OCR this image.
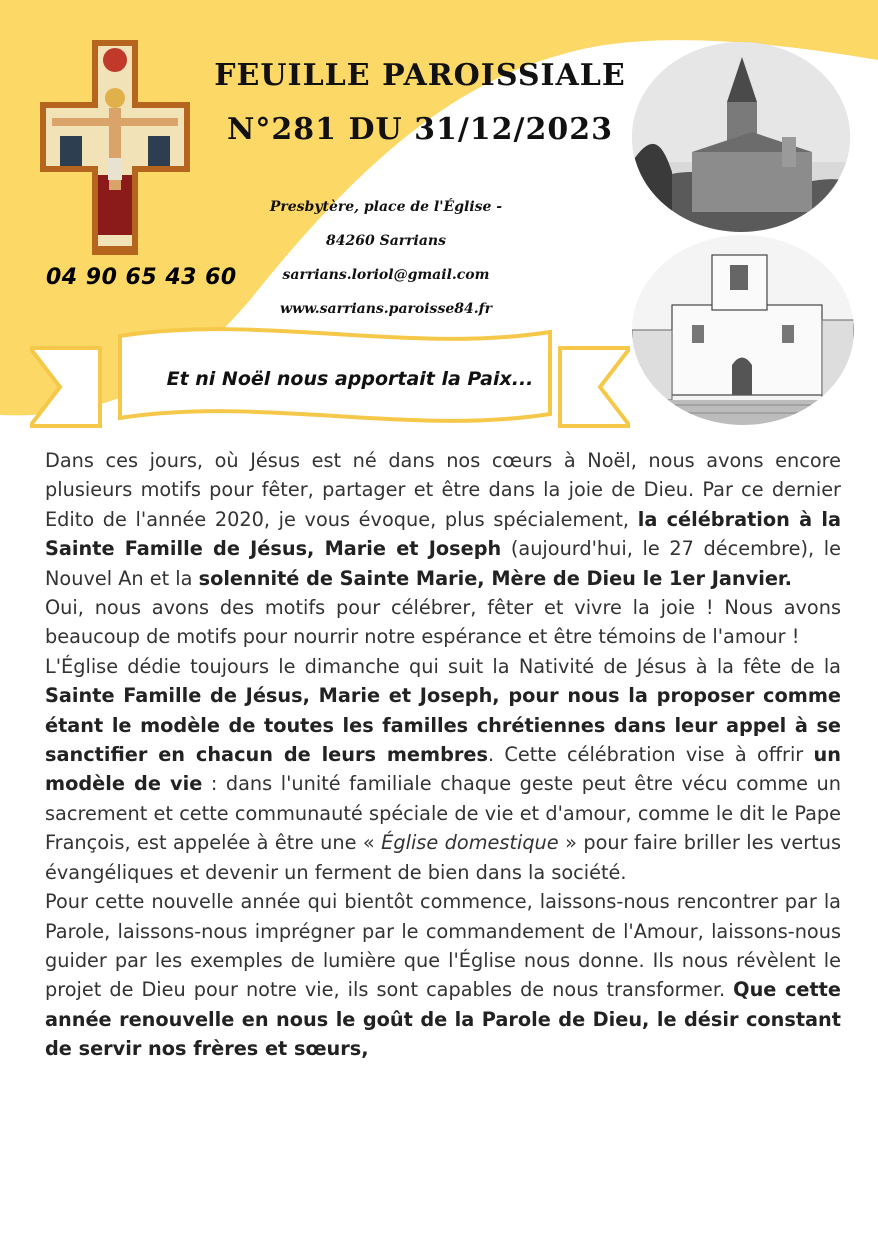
FEUILLE PAROISSIALE
N°281 DU 31/12/2023
Presbytère, place de l'Église -
84260 Sarrians
sarrians.loriol@gmail.com
www.sarrians.paroisse84.fr
04 90 65 43 60
Et ni Noël nous apportait la Paix...

Dans ces jours, où Jésus est né dans nos cœurs à Noël, nous avons encore plusieurs motifs pour fêter, partager et être dans la joie de Dieu. Par ce dernier Edito de l'année 2020, je vous évoque, plus spécialement, la célébration à la Sainte Famille de Jésus, Marie et Joseph (aujourd'hui, le 27 décembre), le Nouvel An et la solennité de Sainte Marie, Mère de Dieu le 1er Janvier.

Oui, nous avons des motifs pour célébrer, fêter et vivre la joie ! Nous avons beaucoup de motifs pour nourrir notre espérance et être témoins de l'amour !

L'Église dédie toujours le dimanche qui suit la Nativité de Jésus à la fête de la Sainte Famille de Jésus, Marie et Joseph, pour nous la proposer comme étant le modèle de toutes les familles chrétiennes dans leur appel à se sanctifier en chacun de leurs membres. Cette célébration vise à offrir un modèle de vie : dans l'unité familiale chaque geste peut être vécu comme un sacrement et cette communauté spéciale de vie et d'amour, comme le dit le Pape François, est appelée à être une « Église domestique » pour faire briller les vertus évangéliques et devenir un ferment de bien dans la société.

Pour cette nouvelle année qui bientôt commence, laissons-nous rencontrer par la Parole, laissons-nous imprégner par le commandement de l'Amour, laissons-nous guider par les exemples de lumière que l'Église nous donne. Ils nous révèlent le projet de Dieu pour notre vie, ils sont capables de nous transformer. Que cette année renouvelle en nous le goût de la Parole de Dieu, le désir constant de servir nos frères et sœurs,
